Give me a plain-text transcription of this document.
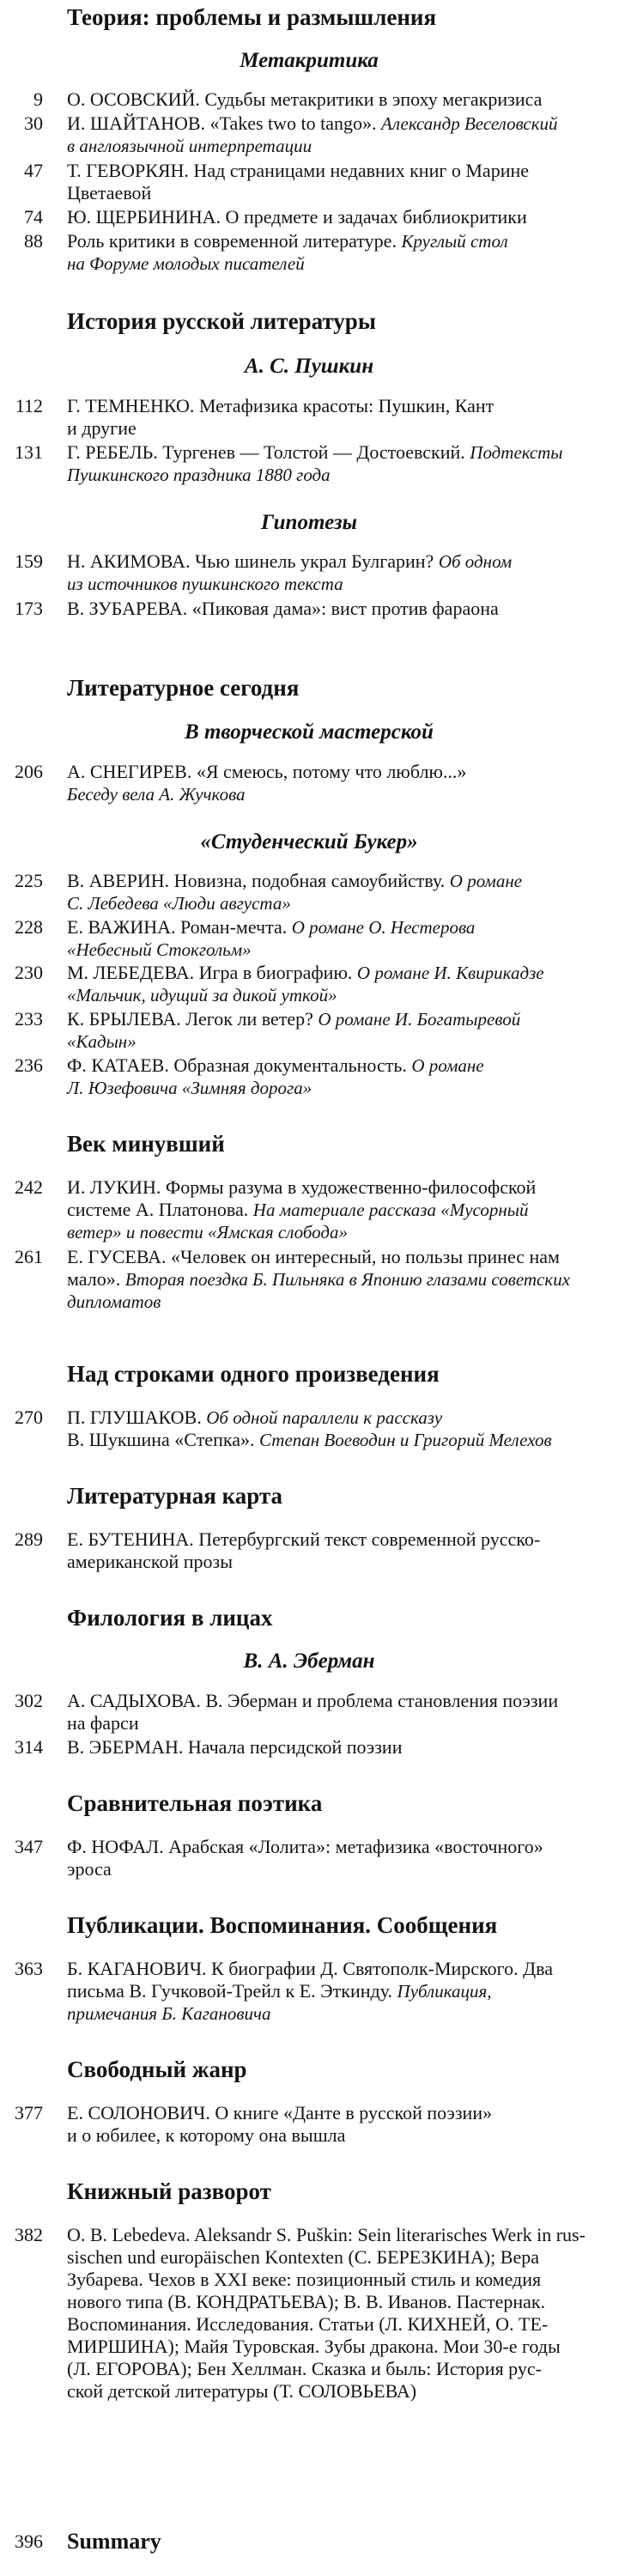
Теория: проблемы и размышления
Метакритика
9 О. ОСОВСКИЙ. Судьбы метакритики в эпоху мегакризиса
30 И. ШАЙТАНОВ. «Takes two to tango». Александр Веселовский
в англоязычной интерпретации
47 Т. ГЕВОРКЯН. Над страницами недавних книг о Марине
Цветаевой
74 Ю. ЩЕРБИНИНА. О предмете и задачах библиокритики
88 Роль критики в современной литературе. Круглый стол
на Форуме молодых писателей
История русской литературы
А. С. Пушкин
112 Г. ТЕМНЕНКО. Метафизика красоты: Пушкин, Кант
и другие
131 Г. РЕБЕЛЬ. Тургенев — Толстой — Достоевский. Подтексты
Пушкинского праздника 1880 года
Гипотезы
159 Н. АКИМОВА. Чью шинель украл Булгарин? Об одном
из источников пушкинского текста
173 В. ЗУБАРЕВА. «Пиковая дама»: вист против фараона
Литературное сегодня
В творческой мастерской
206 А. СНЕГИРЕВ. «Я смеюсь, потому что люблю...»
Беседу вела А. Жучкова
«Студенческий Букер»
225 В. АВЕРИН. Новизна, подобная самоубийству. О романе
С. Лебедева «Люди августа»
228 Е. ВАЖИНА. Роман-мечта. О романе О. Нестерова
«Небесный Стокгольм»
230 М. ЛЕБЕДЕВА. Игра в биографию. О романе И. Квирикадзе
«Мальчик, идущий за дикой уткой»
233 К. БРЫЛЕВА. Легок ли ветер? О романе И. Богатыревой
«Кадын»
236 Ф. КАТАЕВ. Образная документальность. О романе
Л. Юзефовича «Зимняя дорога»
Век минувший
242 И. ЛУКИН. Формы разума в художественно-философской
системе А. Платонова. На материале рассказа «Мусорный
ветер» и повести «Ямская слобода»
261 Е. ГУСЕВА. «Человек он интересный, но пользы принес нам
мало». Вторая поездка Б. Пильняка в Японию глазами советских
дипломатов
Над строками одного произведения
270 П. ГЛУШАКОВ. Об одной параллели к рассказу
В. Шукшина «Степка». Степан Воеводин и Григорий Мелехов
Литературная карта
289 Е. БУТЕНИНА. Петербургский текст современной русско-
американской прозы
Филология в лицах
В. А. Эберман
302 А. САДЫХОВА. В. Эберман и проблема становления поэзии
на фарси
314 В. ЭБЕРМАН. Начала персидской поэзии
Сравнительная поэтика
347 Ф. НОФАЛ. Арабская «Лолита»: метафизика «восточного»
эроса
Публикации. Воспоминания. Сообщения
363 Б. КАГАНОВИЧ. К биографии Д. Святополк-Мирского. Два
письма В. Гучковой-Трейл к Е. Эткинду. Публикация,
примечания Б. Кагановича
Свободный жанр
377 Е. СОЛОНОВИЧ. О книге «Данте в русской поэзии»
и о юбилее, к которому она вышла
Книжный разворот
382 O. B. Lebedeva. Aleksandr S. Puškin: Sein literarisches Werk in rus-
sischen und europäischen Kontexten (С. БЕРЕЗКИНА); Вера
Зубарева. Чехов в XXI веке: позиционный стиль и комедия
нового типа (В. КОНДРАТЬЕВА); В. В. Иванов. Пастернак.
Воспоминания. Исследования. Статьи (Л. КИХНЕЙ, О. ТЕ-
МИРШИНА); Майя Туровская. Зубы дракона. Мои 30-е годы
(Л. ЕГОРОВА); Бен Хеллман. Сказка и быль: История рус-
ской детской литературы (Т. СОЛОВЬЕВА)
396 Summary
